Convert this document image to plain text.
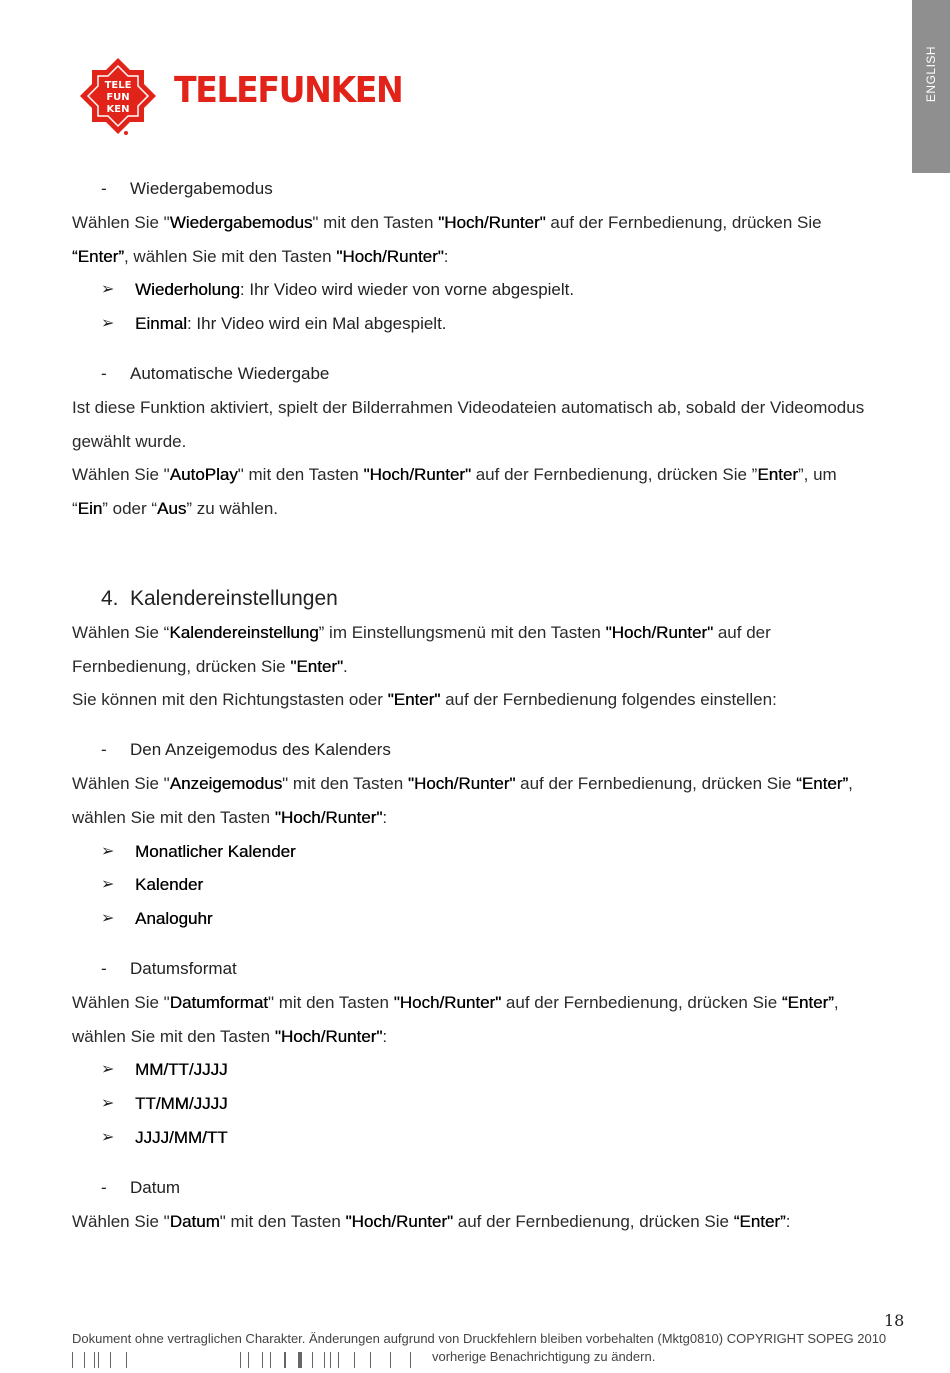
ENGLISH
TELE
FUN
KEN TELEFUNKEN
-	Wiedergabemodus

Wählen Sie "Wiedergabemodus" mit den Tasten "Hoch/Runter" auf der Fernbedienung, drücken Sie

“Enter”, wählen Sie mit den Tasten "Hoch/Runter":

➢	Wiederholung: Ihr Video wird wieder von vorne abgespielt.
➢	Einmal: Ihr Video wird ein Mal abgespielt.
-	Automatische Wiedergabe

Ist diese Funktion aktiviert, spielt der Bilderrahmen Videodateien automatisch ab, sobald der Videomodus

gewählt wurde.

Wählen Sie "AutoPlay" mit den Tasten "Hoch/Runter" auf der Fernbedienung, drücken Sie ”Enter”, um

“Ein” oder “Aus” zu wählen.

4. Kalendereinstellungen

Wählen Sie “Kalendereinstellung” im Einstellungsmenü mit den Tasten "Hoch/Runter" auf der

Fernbedienung, drücken Sie "Enter".

Sie können mit den Richtungstasten oder "Enter" auf der Fernbedienung folgendes einstellen:

-	Den Anzeigemodus des Kalenders

Wählen Sie "Anzeigemodus" mit den Tasten "Hoch/Runter" auf der Fernbedienung, drücken Sie “Enter”,

wählen Sie mit den Tasten "Hoch/Runter":

➢	Monatlicher Kalender
➢	Kalender
➢	Analoguhr
-	Datumsformat

Wählen Sie "Datumformat" mit den Tasten "Hoch/Runter" auf der Fernbedienung, drücken Sie “Enter”,

wählen Sie mit den Tasten "Hoch/Runter":

➢	MM/TT/JJJJ
➢	TT/MM/JJJJ
➢	JJJJ/MM/TT
-	Datum

Wählen Sie "Datum" mit den Tasten "Hoch/Runter" auf der Fernbedienung, drücken Sie “Enter”:

18
Dokument ohne vertraglichen Charakter. Änderungen aufgrund von Druckfehlern bleiben vorbehalten (Mktg0810) COPYRIGHT SOPEG 2010
vorherige Benachrichtigung zu ändern.
